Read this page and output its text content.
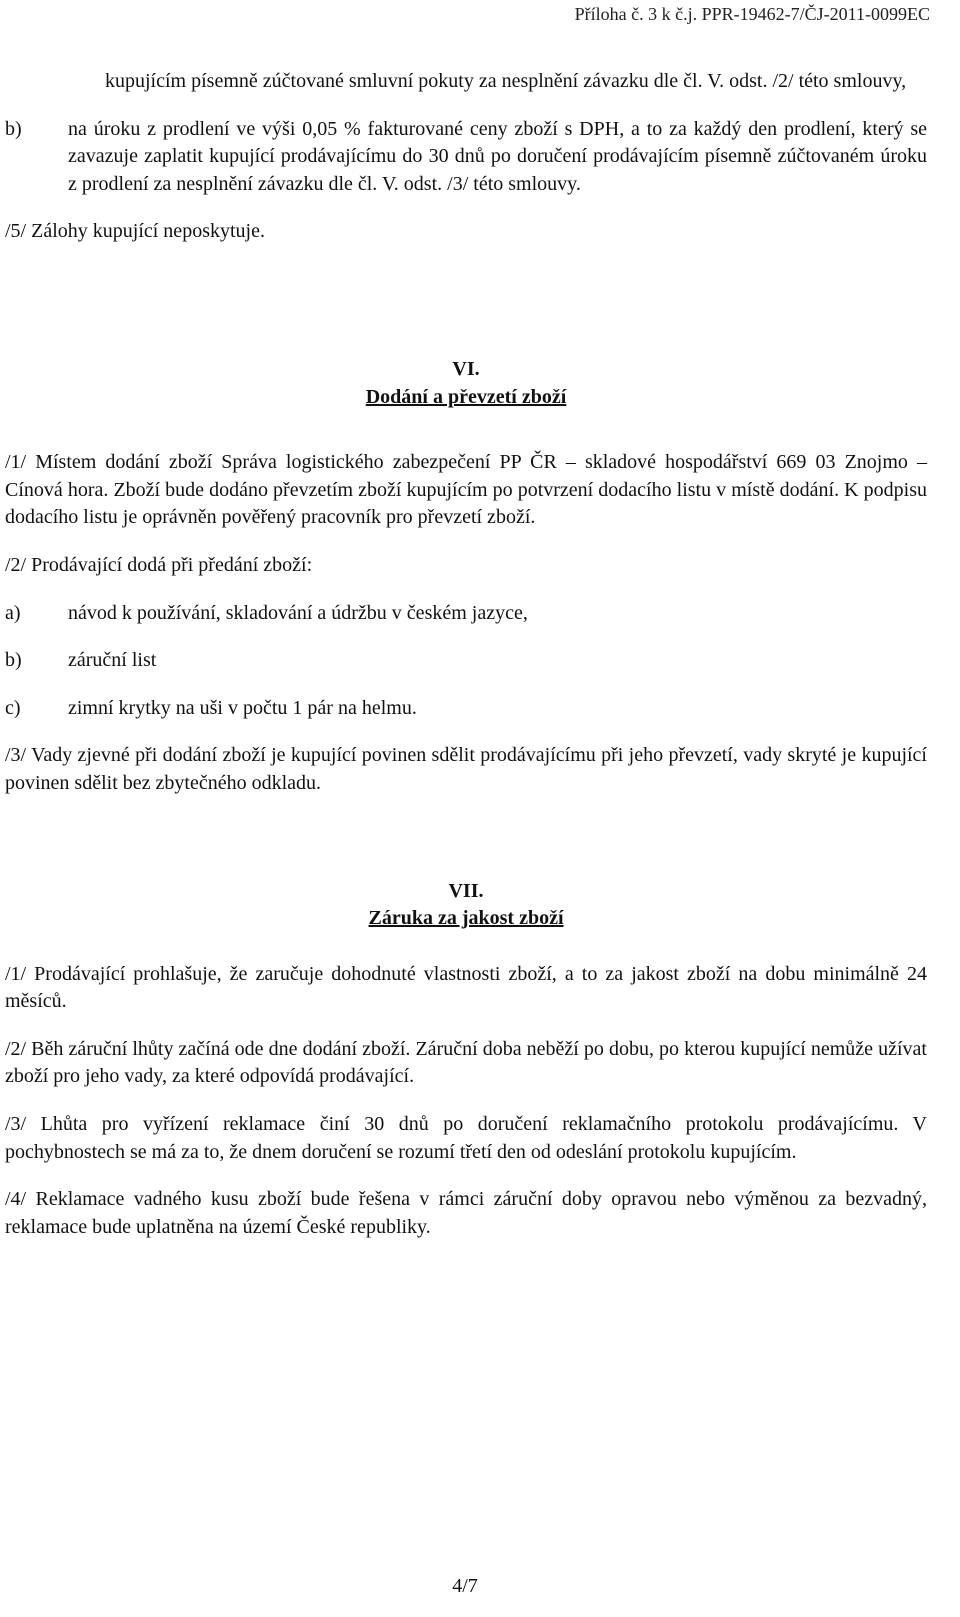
Příloha č. 3 k č.j. PPR-19462-7/ČJ-2011-0099EC

kupujícím písemně zúčtované smluvní pokuty za nesplnění závazku dle čl. V. odst. /2/ této smlouvy,

b)	na úroku z prodlení ve výši 0,05 % fakturované ceny zboží s DPH, a to za každý den prodlení, který se zavazuje zaplatit kupující prodávajícímu do 30 dnů po doručení prodávajícím písemně zúčtovaném úroku z prodlení za nesplnění závazku dle čl. V. odst. /3/ této smlouvy.

/5/ Zálohy kupující neposkytuje.

VI.

Dodání a převzetí zboží

/1/ Místem dodání zboží Správa logistického zabezpečení PP ČR – skladové hospodářství 669 03 Znojmo – Cínová hora. Zboží bude dodáno převzetím zboží kupujícím po potvrzení dodacího listu v místě dodání. K podpisu dodacího listu je oprávněn pověřený pracovník pro převzetí zboží.

/2/ Prodávající dodá při předání zboží:

a)	návod k používání, skladování a údržbu v českém jazyce,
b)	záruční list
c)	zimní krytky na uši v počtu 1 pár na helmu.

/3/ Vady zjevné při dodání zboží je kupující povinen sdělit prodávajícímu při jeho převzetí, vady skryté je kupující povinen sdělit bez zbytečného odkladu.

VII.

Záruka za jakost zboží

/1/ Prodávající prohlašuje, že zaručuje dohodnuté vlastnosti zboží, a to za jakost zboží na dobu minimálně 24 měsíců.

/2/ Běh záruční lhůty začíná ode dne dodání zboží. Záruční doba neběží po dobu, po kterou kupující nemůže užívat zboží pro jeho vady, za které odpovídá prodávající.

/3/ Lhůta pro vyřízení reklamace činí 30 dnů po doručení reklamačního protokolu prodávajícímu. V pochybnostech se má za to, že dnem doručení se rozumí třetí den od odeslání protokolu kupujícím.

/4/ Reklamace vadného kusu zboží bude řešena v rámci záruční doby opravou nebo výměnou za bezvadný, reklamace bude uplatněna na území České republiky.

4/7
